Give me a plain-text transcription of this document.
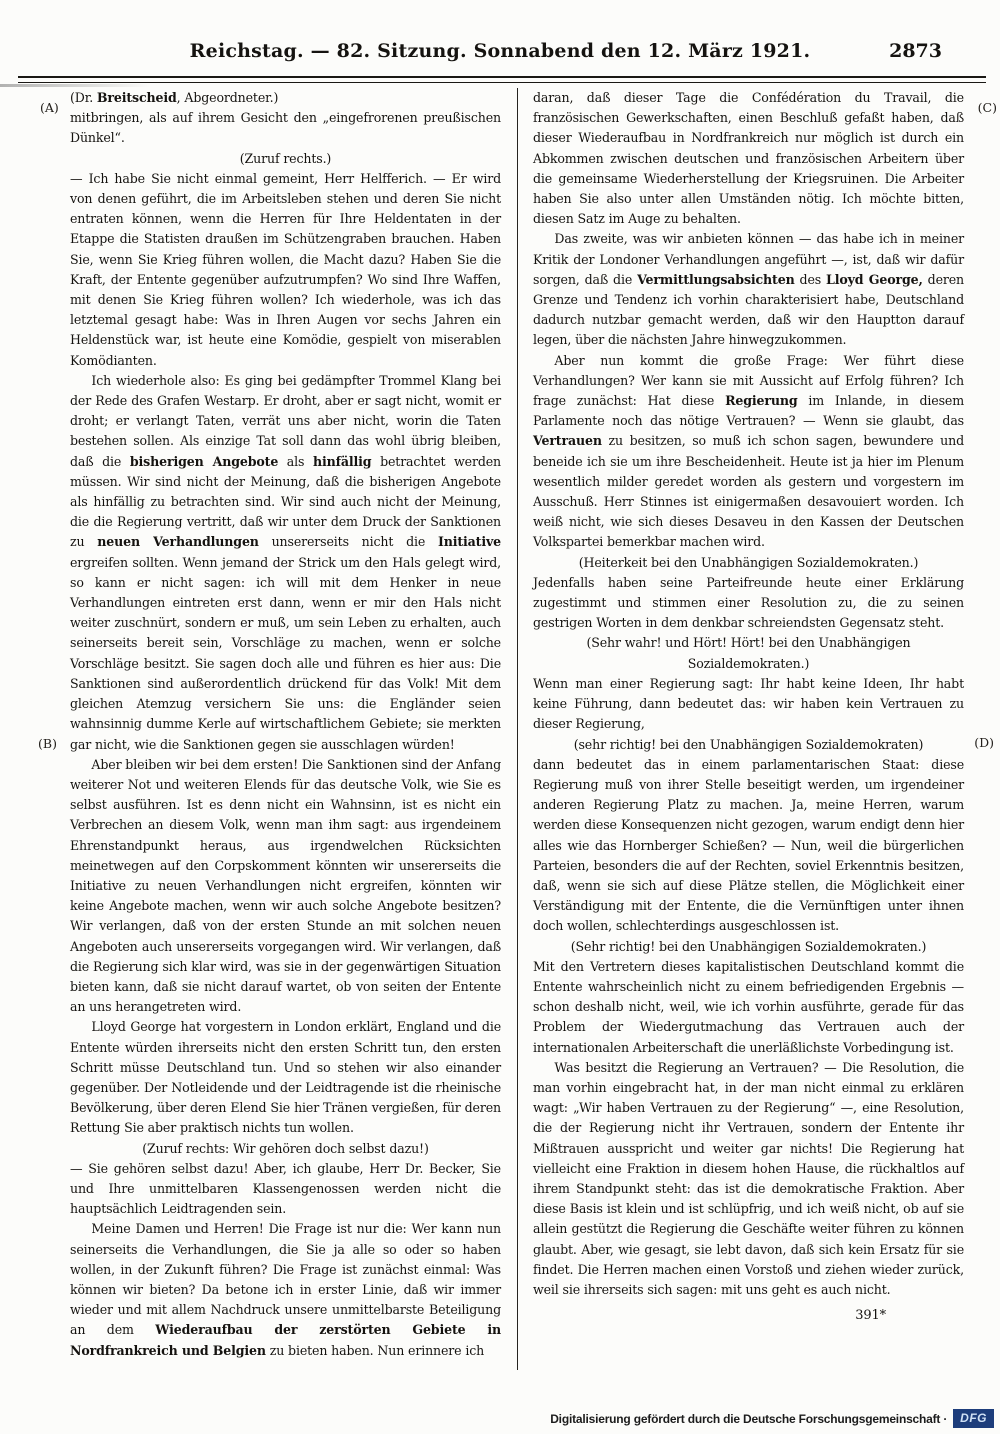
Reichstag. — 82. Sitzung. Sonnabend den 12. März 1921.	2873
(A)
(B)
(C)
(D)

(Dr. Breitscheid, Abgeordneter.)

mitbringen, als auf ihrem Gesicht den „eingefrorenen preußischen Dünkel“.

(Zuruf rechts.)

— Ich habe Sie nicht einmal gemeint, Herr Helfferich. — Er wird von denen geführt, die im Arbeitsleben stehen und deren Sie nicht entraten können, wenn die Herren für Ihre Heldentaten in der Etappe die Statisten draußen im Schützengraben brauchen. Haben Sie, wenn Sie Krieg führen wollen, die Macht dazu? Haben Sie die Kraft, der Entente gegenüber aufzutrumpfen? Wo sind Ihre Waffen, mit denen Sie Krieg führen wollen? Ich wiederhole, was ich das letztemal gesagt habe: Was in Ihren Augen vor sechs Jahren ein Heldenstück war, ist heute eine Komödie, gespielt von miserablen Komödianten.

Ich wiederhole also: Es ging bei gedämpfter Trommel Klang bei der Rede des Grafen Westarp. Er droht, aber er sagt nicht, womit er droht; er verlangt Taten, verrät uns aber nicht, worin die Taten bestehen sollen. Als einzige Tat soll dann das wohl übrig bleiben, daß die bisherigen Angebote als hinfällig betrachtet werden müssen. Wir sind nicht der Meinung, daß die bisherigen Angebote als hinfällig zu betrachten sind. Wir sind auch nicht der Meinung, die die Regierung vertritt, daß wir unter dem Druck der Sanktionen zu neuen Verhandlungen unsererseits nicht die Initiative ergreifen sollten. Wenn jemand der Strick um den Hals gelegt wird, so kann er nicht sagen: ich will mit dem Henker in neue Verhandlungen eintreten erst dann, wenn er mir den Hals nicht weiter zuschnürt, sondern er muß, um sein Leben zu erhalten, auch seinerseits bereit sein, Vorschläge zu machen, wenn er solche Vorschläge besitzt. Sie sagen doch alle und führen es hier aus: Die Sanktionen sind außerordentlich drückend für das Volk! Mit dem gleichen Atemzug versichern Sie uns: die Engländer seien wahnsinnig dumme Kerle auf wirtschaftlichem Gebiete; sie merkten gar nicht, wie die Sanktionen gegen sie ausschlagen würden!

Aber bleiben wir bei dem ersten! Die Sanktionen sind der Anfang weiterer Not und weiteren Elends für das deutsche Volk, wie Sie es selbst ausführen. Ist es denn nicht ein Wahnsinn, ist es nicht ein Verbrechen an diesem Volk, wenn man ihm sagt: aus irgendeinem Ehrenstandpunkt heraus, aus irgendwelchen Rücksichten meinetwegen auf den Corpskomment könnten wir unsererseits die Initiative zu neuen Verhandlungen nicht ergreifen, könnten wir keine Angebote machen, wenn wir auch solche Angebote besitzen? Wir verlangen, daß von der ersten Stunde an mit solchen neuen Angeboten auch unsererseits vorgegangen wird. Wir verlangen, daß die Regierung sich klar wird, was sie in der gegenwärtigen Situation bieten kann, daß sie nicht darauf wartet, ob von seiten der Entente an uns herangetreten wird.

Lloyd George hat vorgestern in London erklärt, England und die Entente würden ihrerseits nicht den ersten Schritt tun, den ersten Schritt müsse Deutschland tun. Und so stehen wir also einander gegenüber. Der Notleidende und der Leidtragende ist die rheinische Bevölkerung, über deren Elend Sie hier Tränen vergießen, für deren Rettung Sie aber praktisch nichts tun wollen.

(Zuruf rechts: Wir gehören doch selbst dazu!)

— Sie gehören selbst dazu! Aber, ich glaube, Herr Dr. Becker, Sie und Ihre unmittelbaren Klassengenossen werden nicht die hauptsächlich Leidtragenden sein.

Meine Damen und Herren! Die Frage ist nur die: Wer kann nun seinerseits die Verhandlungen, die Sie ja alle so oder so haben wollen, in der Zukunft führen? Die Frage ist zunächst einmal: Was können wir bieten? Da betone ich in erster Linie, daß wir immer wieder und mit allem Nachdruck unsere unmittelbarste Beteiligung an dem Wiederaufbau der zerstörten Gebiete in Nordfrankreich und Belgien zu bieten haben. Nun erinnere ich

daran, daß dieser Tage die Confédération du Travail, die französischen Gewerkschaften, einen Beschluß gefaßt haben, daß dieser Wiederaufbau in Nordfrankreich nur möglich ist durch ein Abkommen zwischen deutschen und französischen Arbeitern über die gemeinsame Wiederherstellung der Kriegsruinen. Die Arbeiter haben Sie also unter allen Umständen nötig. Ich möchte bitten, diesen Satz im Auge zu behalten.

Das zweite, was wir anbieten können — das habe ich in meiner Kritik der Londoner Verhandlungen angeführt —, ist, daß wir dafür sorgen, daß die Vermittlungsabsichten des Lloyd George, deren Grenze und Tendenz ich vorhin charakterisiert habe, Deutschland dadurch nutzbar gemacht werden, daß wir den Hauptton darauf legen, über die nächsten Jahre hinwegzukommen.

Aber nun kommt die große Frage: Wer führt diese Verhandlungen? Wer kann sie mit Aussicht auf Erfolg führen? Ich frage zunächst: Hat diese Regierung im Inlande, in diesem Parlamente noch das nötige Vertrauen? — Wenn sie glaubt, das Vertrauen zu besitzen, so muß ich schon sagen, bewundere und beneide ich sie um ihre Bescheidenheit. Heute ist ja hier im Plenum wesentlich milder geredet worden als gestern und vorgestern im Ausschuß. Herr Stinnes ist einigermaßen desavouiert worden. Ich weiß nicht, wie sich dieses Desaveu in den Kassen der Deutschen Volkspartei bemerkbar machen wird.

(Heiterkeit bei den Unabhängigen Sozialdemokraten.)

Jedenfalls haben seine Parteifreunde heute einer Erklärung zugestimmt und stimmen einer Resolution zu, die zu seinen gestrigen Worten in dem denkbar schreiendsten Gegensatz steht.

(Sehr wahr! und Hört! Hört! bei den Unabhängigen Sozialdemokraten.)

Wenn man einer Regierung sagt: Ihr habt keine Ideen, Ihr habt keine Führung, dann bedeutet das: wir haben kein Vertrauen zu dieser Regierung,

(sehr richtig! bei den Unabhängigen Sozialdemokraten)

dann bedeutet das in einem parlamentarischen Staat: diese Regierung muß von ihrer Stelle beseitigt werden, um irgendeiner anderen Regierung Platz zu machen. Ja, meine Herren, warum werden diese Konsequenzen nicht gezogen, warum endigt denn hier alles wie das Hornberger Schießen? — Nun, weil die bürgerlichen Parteien, besonders die auf der Rechten, soviel Erkenntnis besitzen, daß, wenn sie sich auf diese Plätze stellen, die Möglichkeit einer Verständigung mit der Entente, die die Vernünftigen unter ihnen doch wollen, schlechterdings ausgeschlossen ist.

(Sehr richtig! bei den Unabhängigen Sozialdemokraten.)

Mit den Vertretern dieses kapitalistischen Deutschland kommt die Entente wahrscheinlich nicht zu einem befriedigenden Ergebnis — schon deshalb nicht, weil, wie ich vorhin ausführte, gerade für das Problem der Wiedergutmachung das Vertrauen auch der internationalen Arbeiterschaft die unerläßlichste Vorbedingung ist.

Was besitzt die Regierung an Vertrauen? — Die Resolution, die man vorhin eingebracht hat, in der man nicht einmal zu erklären wagt: „Wir haben Vertrauen zu der Regierung“ —, eine Resolution, die der Regierung nicht ihr Vertrauen, sondern der Entente ihr Mißtrauen ausspricht und weiter gar nichts! Die Regierung hat vielleicht eine Fraktion in diesem hohen Hause, die rückhaltlos auf ihrem Standpunkt steht: das ist die demokratische Fraktion. Aber diese Basis ist klein und ist schlüpfrig, und ich weiß nicht, ob auf sie allein gestützt die Regierung die Geschäfte weiter führen zu können glaubt. Aber, wie gesagt, sie lebt davon, daß sich kein Ersatz für sie findet. Die Herren machen einen Vorstoß und ziehen wieder zurück, weil sie ihrerseits sich sagen: mit uns geht es auch nicht.

391*
Digitalisierung gefördert durch die Deutsche Forschungsgemeinschaft ·	DFG
